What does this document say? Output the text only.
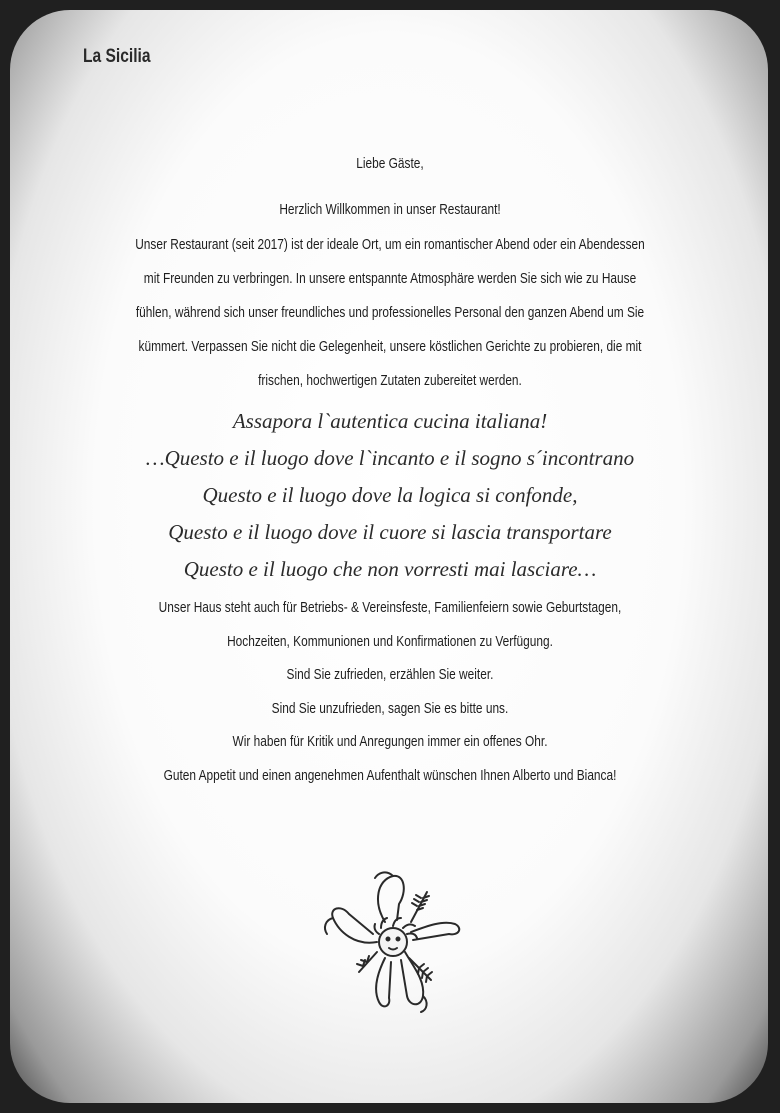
La Sicilia
Liebe Gäste,
Herzlich Willkommen in unser Restaurant!
Unser Restaurant (seit 2017) ist der ideale Ort, um ein romantischer Abend oder ein Abendessen
mit Freunden zu verbringen. In unsere entspannte Atmosphäre werden Sie sich wie zu Hause
fühlen, während sich unser freundliches und professionelles Personal den ganzen Abend um Sie
kümmert. Verpassen Sie nicht die Gelegenheit, unsere köstlichen Gerichte zu probieren, die mit
frischen, hochwertigen Zutaten zubereitet werden.
Assapora l`autentica cucina italiana!
…Questo e il luogo dove l`incanto e il sogno s´incontrano
Questo e il luogo dove la logica si confonde,
Questo e il luogo dove il cuore si lascia transportare
Questo e il luogo che non vorresti mai lasciare…
Unser Haus steht auch für Betriebs- & Vereinsfeste, Familienfeiern sowie Geburtstagen,
Hochzeiten, Kommunionen und Konfirmationen zu Verfügung.
Sind Sie zufrieden, erzählen Sie weiter.
Sind Sie unzufrieden, sagen Sie es bitte uns.
Wir haben für Kritik und Anregungen immer ein offenes Ohr.
Guten Appetit und einen angenehmen Aufenthalt wünschen Ihnen Alberto und Bianca!
